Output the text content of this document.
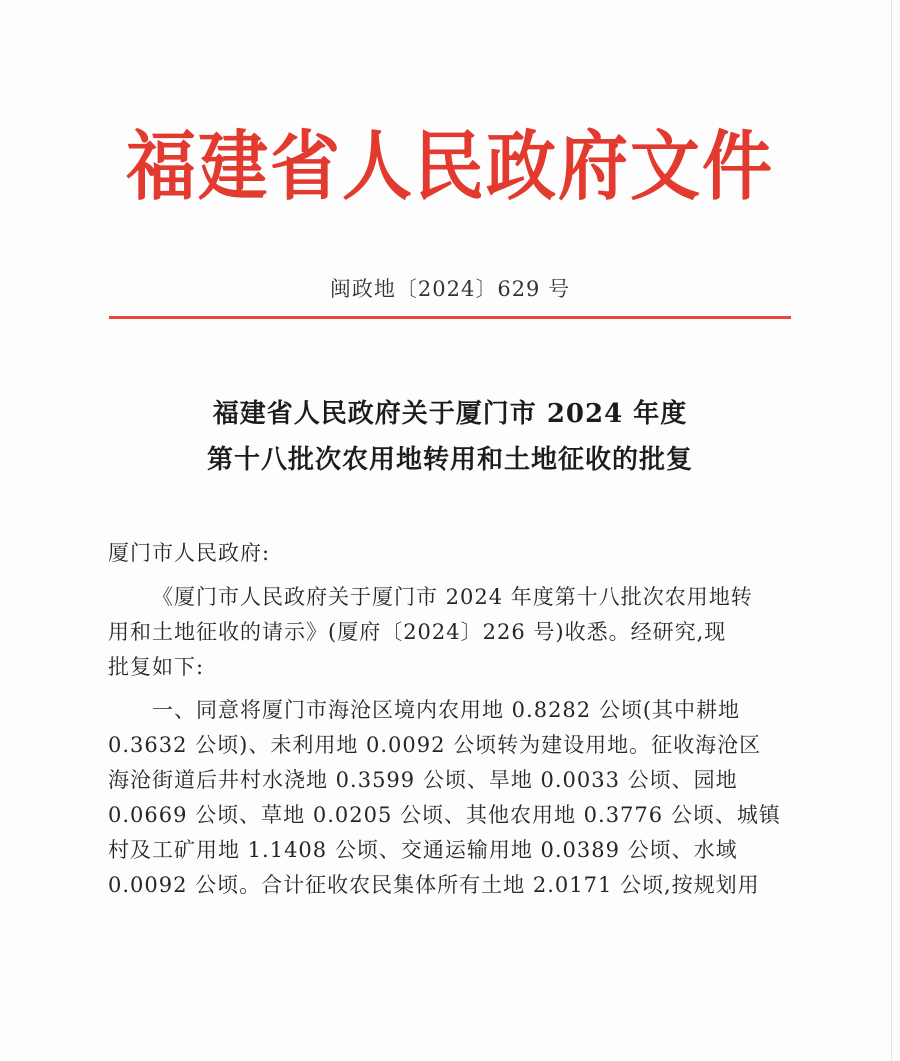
福建省人民政府文件
闽政地〔2024〕629 号
福建省人民政府关于厦门市 2024 年度
第十八批次农用地转用和土地征收的批复
厦门市人民政府:
《厦门市人民政府关于厦门市 2024 年度第十八批次农用地转
用和土地征收的请示》(厦府〔2024〕226 号)收悉。经研究,现
批复如下:
一、同意将厦门市海沧区境内农用地 0.8282 公顷(其中耕地
0.3632 公顷)、未利用地 0.0092 公顷转为建设用地。征收海沧区
海沧街道后井村水浇地 0.3599 公顷、旱地 0.0033 公顷、园地
0.0669 公顷、草地 0.0205 公顷、其他农用地 0.3776 公顷、城镇
村及工矿用地 1.1408 公顷、交通运输用地 0.0389 公顷、水域
0.0092 公顷。合计征收农民集体所有土地 2.0171 公顷,按规划用
